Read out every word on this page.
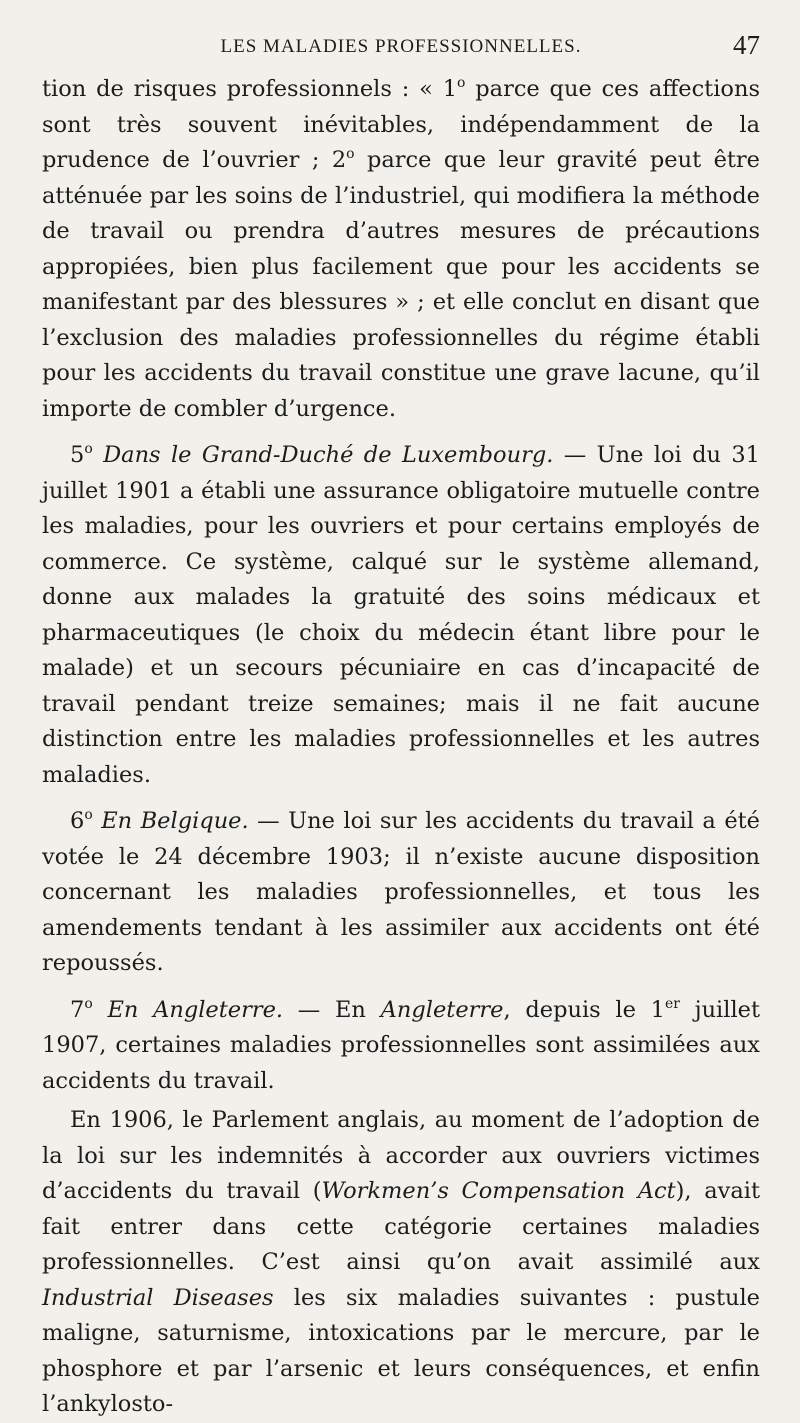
LES MALADIES PROFESSIONNELLES.	47

tion de risques professionnels : « 1$^o$ parce que ces affections sont très souvent inévitables, indépendamment de la prudence de l’ouvrier ; 2$^o$ parce que leur gravité peut être atténuée par les soins de l’industriel, qui modifiera la méthode de travail ou prendra d’autres mesures de précautions appropiées, bien plus facilement que pour les accidents se manifestant par des blessures » ; et elle conclut en disant que l’exclusion des maladies professionnelles du régime établi pour les accidents du travail constitue une grave lacune, qu’il importe de combler d’urgence.

5$^o$ Dans le Grand-Duché de Luxembourg. — Une loi du 31 juillet 1901 a établi une assurance obligatoire mutuelle contre les maladies, pour les ouvriers et pour certains employés de commerce. Ce système, calqué sur le système allemand, donne aux malades la gratuité des soins médicaux et pharmaceutiques (le choix du médecin étant libre pour le malade) et un secours pécuniaire en cas d’incapacité de travail pendant treize semaines; mais il ne fait aucune distinction entre les maladies professionnelles et les autres maladies.

6$^o$ En Belgique. — Une loi sur les accidents du travail a été votée le 24 décembre 1903; il n’existe aucune disposition concernant les maladies professionnelles, et tous les amendements tendant à les assimiler aux accidents ont été repoussés.

7$^o$ En Angleterre. — En Angleterre, depuis le 1er juillet 1907, certaines maladies professionnelles sont assimilées aux accidents du travail.

En 1906, le Parlement anglais, au moment de l’adoption de la loi sur les indemnités à accorder aux ouvriers victimes d’accidents du travail (Workmen’s Compensation Act), avait fait entrer dans cette catégorie certaines maladies professionnelles. C’est ainsi qu’on avait assimilé aux Industrial Diseases les six maladies suivantes : pustule maligne, saturnisme, intoxications par le mercure, par le phosphore et par l’arsenic et leurs conséquences, et enfin l’ankylosto-
